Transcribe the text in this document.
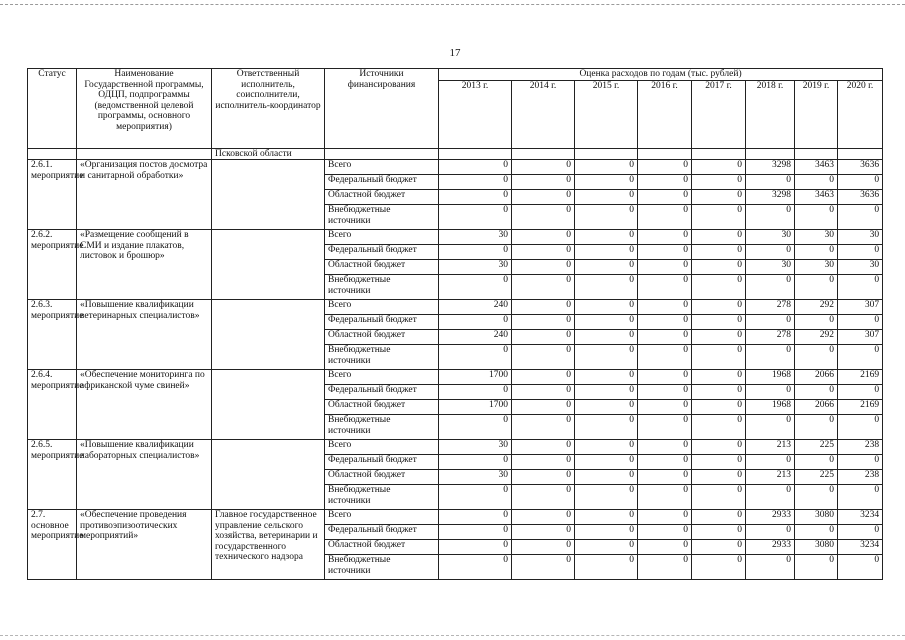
17
Статус	Наименование Государственной программы, ОДЦП, подпрограммы (ведомственной целевой программы, основного мероприятия)	Ответственный исполнитель, соисполнители, исполнитель-координатор	Источники финансирования	Оценка расходов по годам (тыс. рублей)							
				2013 г.	2014 г.	2015 г.	2016 г.	2017 г.	2018 г.	2019 г.	2020 г.
		Псковской области									
2.6.1. мероприятие	«Организация постов досмотра и санитарной обработки»		Всего	0	0	0	0	0	3298	3463	3636
			Федеральный бюджет	0	0	0	0	0	0	0	0
			Областной бюджет	0	0	0	0	0	3298	3463	3636
			Внебюджетные источники	0	0	0	0	0	0	0	0
2.6.2. мероприятие	«Размещение сообщений в СМИ и издание плакатов, листовок и брошюр»		Всего	30	0	0	0	0	30	30	30
			Федеральный бюджет	0	0	0	0	0	0	0	0
			Областной бюджет	30	0	0	0	0	30	30	30
			Внебюджетные источники	0	0	0	0	0	0	0	0
2.6.3. мероприятие	«Повышение квалификации ветеринарных специалистов»		Всего	240	0	0	0	0	278	292	307
			Федеральный бюджет	0	0	0	0	0	0	0	0
			Областной бюджет	240	0	0	0	0	278	292	307
			Внебюджетные источники	0	0	0	0	0	0	0	0
2.6.4. мероприятие	«Обеспечение мониторинга по африканской чуме свиней»		Всего	1700	0	0	0	0	1968	2066	2169
			Федеральный бюджет	0	0	0	0	0	0	0	0
			Областной бюджет	1700	0	0	0	0	1968	2066	2169
			Внебюджетные источники	0	0	0	0	0	0	0	0
2.6.5. мероприятие	«Повышение квалификации лабораторных специалистов»		Всего	30	0	0	0	0	213	225	238
			Федеральный бюджет	0	0	0	0	0	0	0	0
			Областной бюджет	30	0	0	0	0	213	225	238
			Внебюджетные источники	0	0	0	0	0	0	0	0
2.7. основное мероприятие	«Обеспечение проведения противоэпизоотических мероприятий»	Главное государственное управление сельского хозяйства, ветеринарии и государственного технического надзора	Всего	0	0	0	0	0	2933	3080	3234
			Федеральный бюджет	0	0	0	0	0	0	0	0
			Областной бюджет	0	0	0	0	0	2933	3080	3234
			Внебюджетные источники	0	0	0	0	0	0	0	0
